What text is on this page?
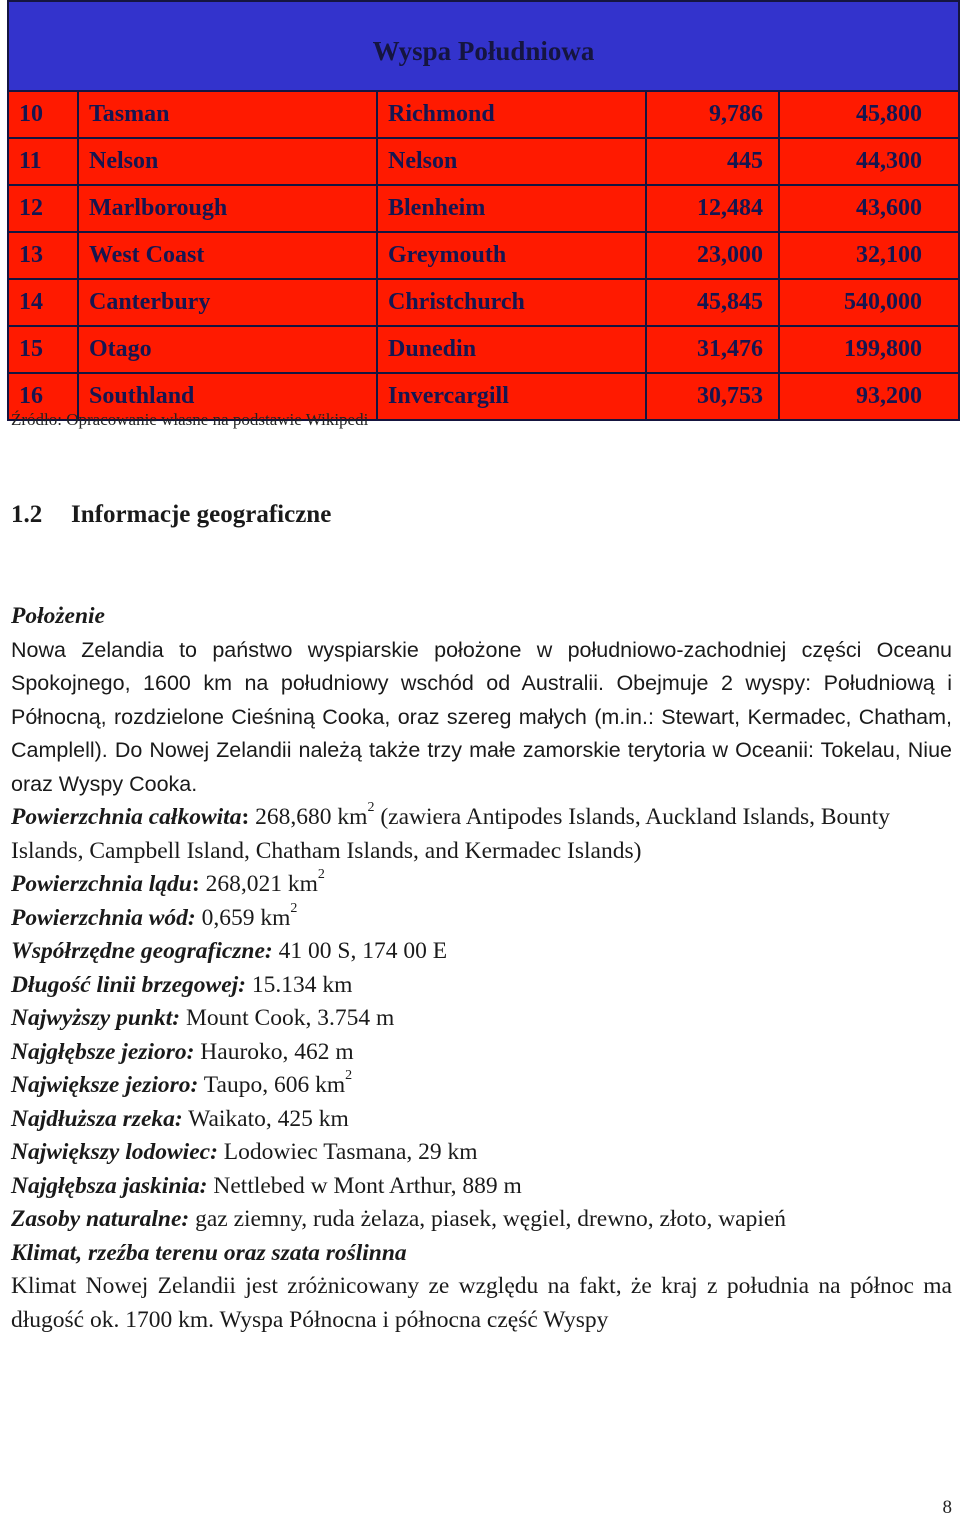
Wyspa Południowa				
10	Tasman	Richmond	9,786	45,800
11	Nelson	Nelson	445	44,300
12	Marlborough	Blenheim	12,484	43,600
13	West Coast	Greymouth	23,000	32,100
14	Canterbury	Christchurch	45,845	540,000
15	Otago	Dunedin	31,476	199,800
16	Southland	Invercargill	30,753	93,200
Źródło: Opracowanie własne na podstawie Wikipedi
1.2 Informacje geograficzne

Położenie

Nowa Zelandia to państwo wyspiarskie położone w południowo-zachodniej części Oceanu Spokojnego, 1600 km na południowy wschód od Australii. Obejmuje 2 wyspy: Południową i Północną, rozdzielone Cieśniną Cooka, oraz szereg małych (m.in.: Stewart, Kermadec, Chatham, Camplell). Do Nowej Zelandii należą także trzy małe zamorskie terytoria w Oceanii: Tokelau, Niue oraz Wyspy Cooka.

Powierzchnia całkowita: 268,680 $km^2$ (zawiera Antipodes Islands, Auckland Islands, Bounty Islands, Campbell Island, Chatham Islands, and Kermadec Islands)

Powierzchnia lądu: 268,021 $km^2$

Powierzchnia wód: 0,659 $km^2$

Współrzędne geograficzne: 41 00 S, 174 00 E

Długość linii brzegowej: 15.134 km

Najwyższy punkt: Mount Cook, 3.754 m

Najgłębsze jezioro: Hauroko, 462 m

Największe jezioro: Taupo, 606 $km^2$

Najdłuższa rzeka: Waikato, 425 km

Największy lodowiec: Lodowiec Tasmana, 29 km

Najgłębsza jaskinia: Nettlebed w Mont Arthur, 889 m

Zasoby naturalne: gaz ziemny, ruda żelaza, piasek, węgiel, drewno, złoto, wapień

Klimat, rzeźba terenu oraz szata roślinna

Klimat Nowej Zelandii jest zróżnicowany ze względu na fakt, że kraj z południa na północ ma długość ok. 1700 km. Wyspa Północna i północna część Wyspy

8
